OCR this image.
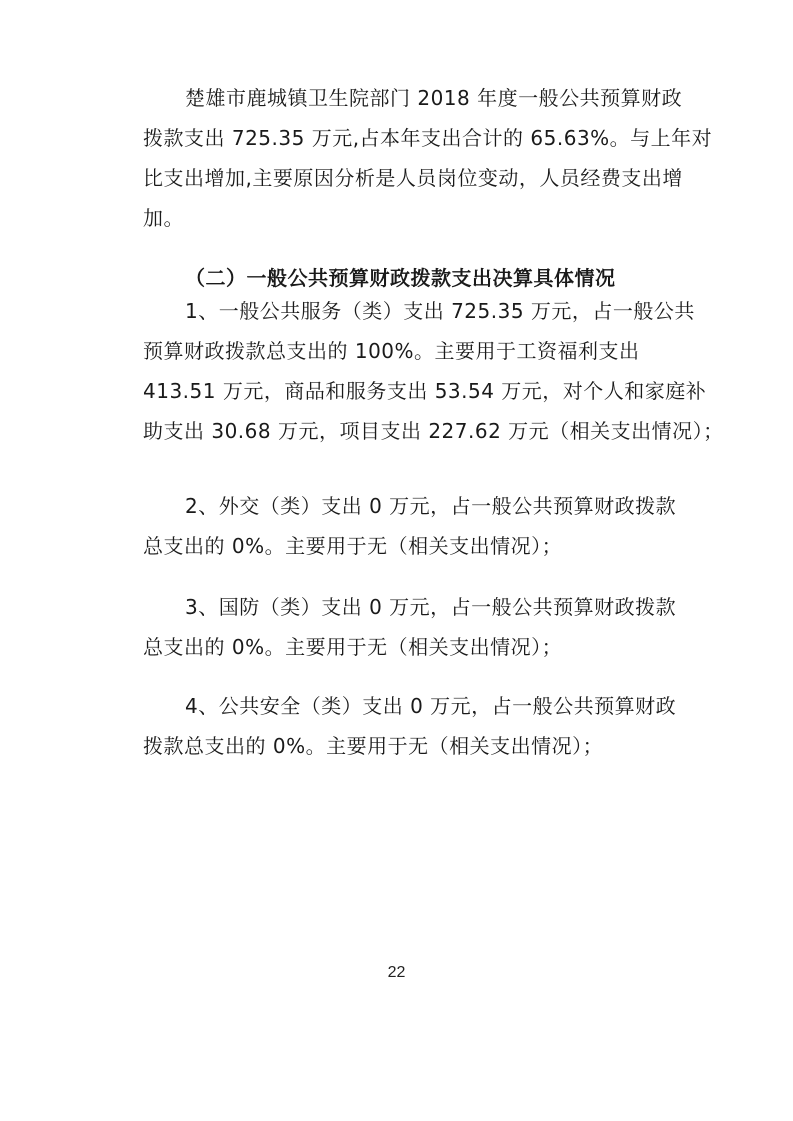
楚雄市鹿城镇卫生院部门 2018 年度一般公共预算财政
拨款支出 725.35 万元,占本年支出合计的 65.63%。与上年对
比支出增加,主要原因分析是人员岗位变动，人员经费支出增
加。

（二）一般公共预算财政拨款支出决算具体情况

1、一般公共服务（类）支出 725.35 万元，占一般公共
预算财政拨款总支出的 100%。主要用于工资福利支出
413.51 万元，商品和服务支出 53.54 万元，对个人和家庭补
助支出 30.68 万元，项目支出 227.62 万元（相关支出情况）；

2、外交（类）支出 0 万元，占一般公共预算财政拨款
总支出的 0%。主要用于无（相关支出情况）；

3、国防（类）支出 0 万元，占一般公共预算财政拨款
总支出的 0%。主要用于无（相关支出情况）；

4、公共安全（类）支出 0 万元，占一般公共预算财政
拨款总支出的 0%。主要用于无（相关支出情况）；

22
